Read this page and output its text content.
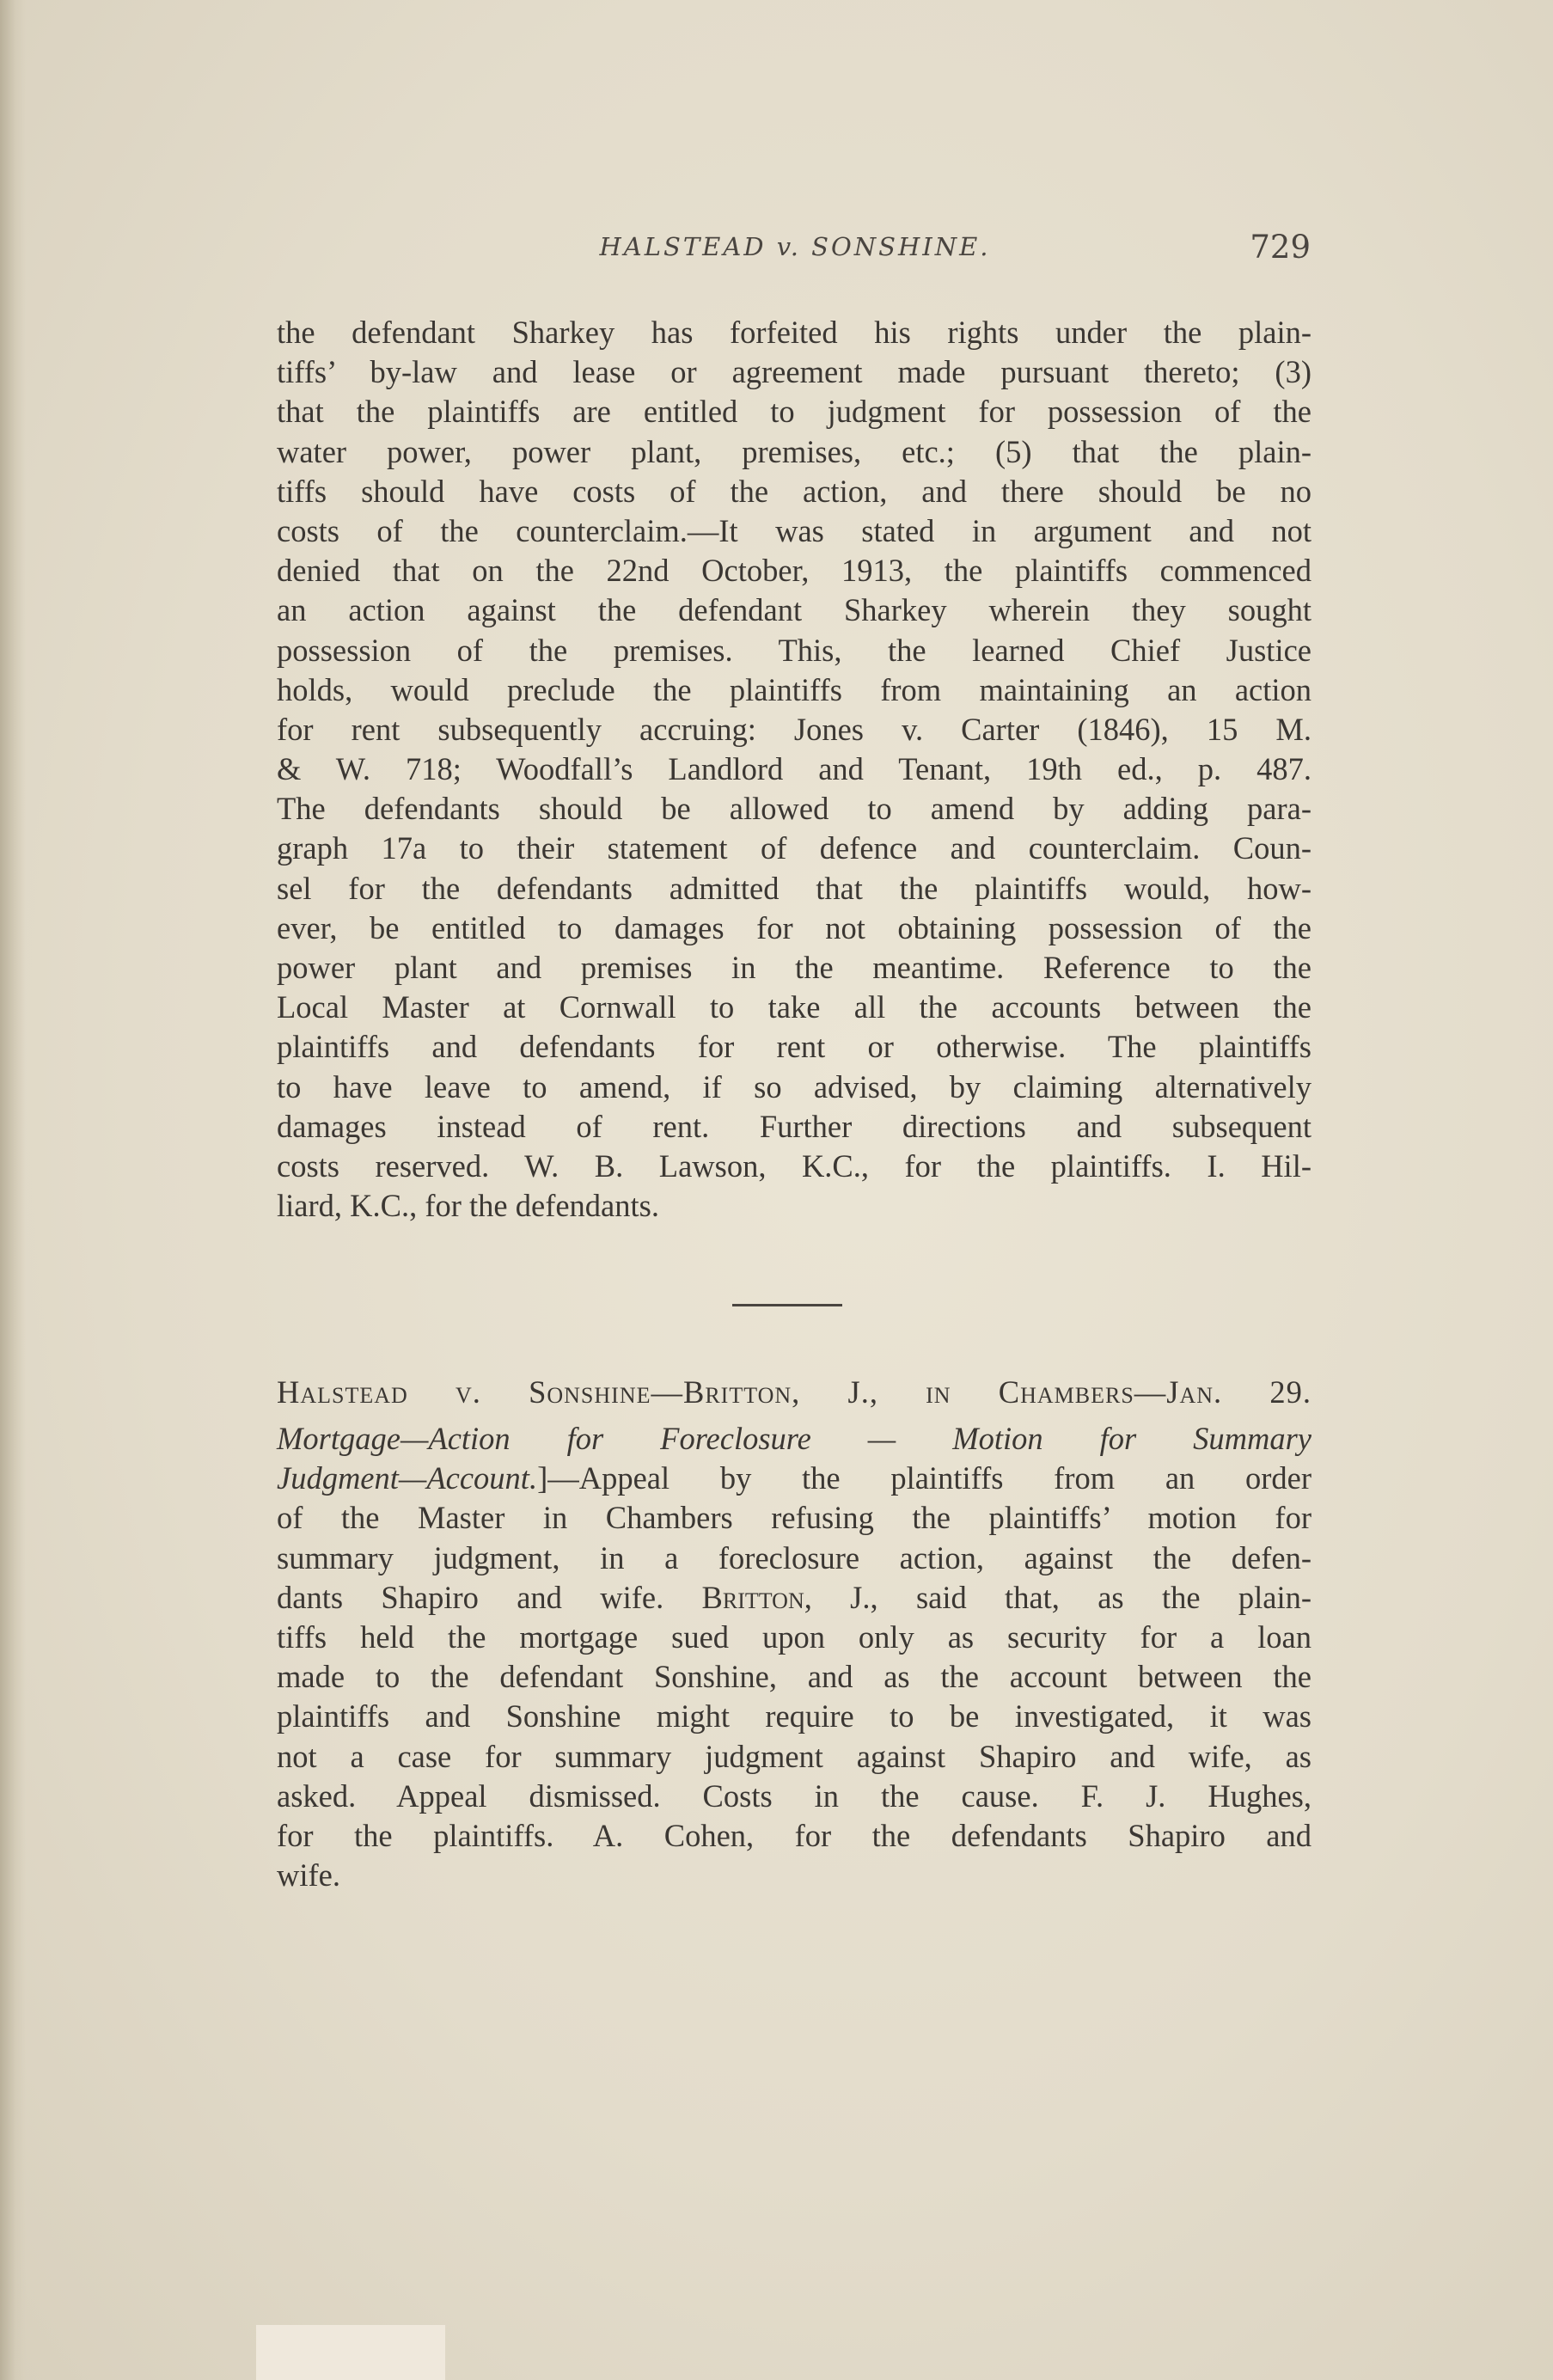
HALSTEAD v. SONSHINE.	729
the defendant Sharkey has forfeited his rights under the plain-
tiffs’ by-law and lease or agreement made pursuant thereto; (3)
that the plaintiffs are entitled to judgment for possession of the
water power, power plant, premises, etc.; (5) that the plain-
tiffs should have costs of the action, and there should be no
costs of the counterclaim.—It was stated in argument and not
denied that on the 22nd October, 1913, the plaintiffs commenced
an action against the defendant Sharkey wherein they sought
possession of the premises. This, the learned Chief Justice
holds, would preclude the plaintiffs from maintaining an action
for rent subsequently accruing: Jones v. Carter (1846), 15 M.
& W. 718; Woodfall’s Landlord and Tenant, 19th ed., p. 487.
The defendants should be allowed to amend by adding para-
graph 17a to their statement of defence and counterclaim. Coun-
sel for the defendants admitted that the plaintiffs would, how-
ever, be entitled to damages for not obtaining possession of the
power plant and premises in the meantime. Reference to the
Local Master at Cornwall to take all the accounts between the
plaintiffs and defendants for rent or otherwise. The plaintiffs
to have leave to amend, if so advised, by claiming alternatively
damages instead of rent. Further directions and subsequent
costs reserved. W. B. Lawson, K.C., for the plaintiffs. I. Hil-
liard, K.C., for the defendants.
Halstead v. Sonshine—Britton, J., in Chambers—Jan. 29.
Mortgage—Action for Foreclosure — Motion for Summary
Judgment—Account.]—Appeal by the plaintiffs from an order
of the Master in Chambers refusing the plaintiffs’ motion for
summary judgment, in a foreclosure action, against the defen-
dants Shapiro and wife. Britton, J., said that, as the plain-
tiffs held the mortgage sued upon only as security for a loan
made to the defendant Sonshine, and as the account between the
plaintiffs and Sonshine might require to be investigated, it was
not a case for summary judgment against Shapiro and wife, as
asked. Appeal dismissed. Costs in the cause. F. J. Hughes,
for the plaintiffs. A. Cohen, for the defendants Shapiro and
wife.
